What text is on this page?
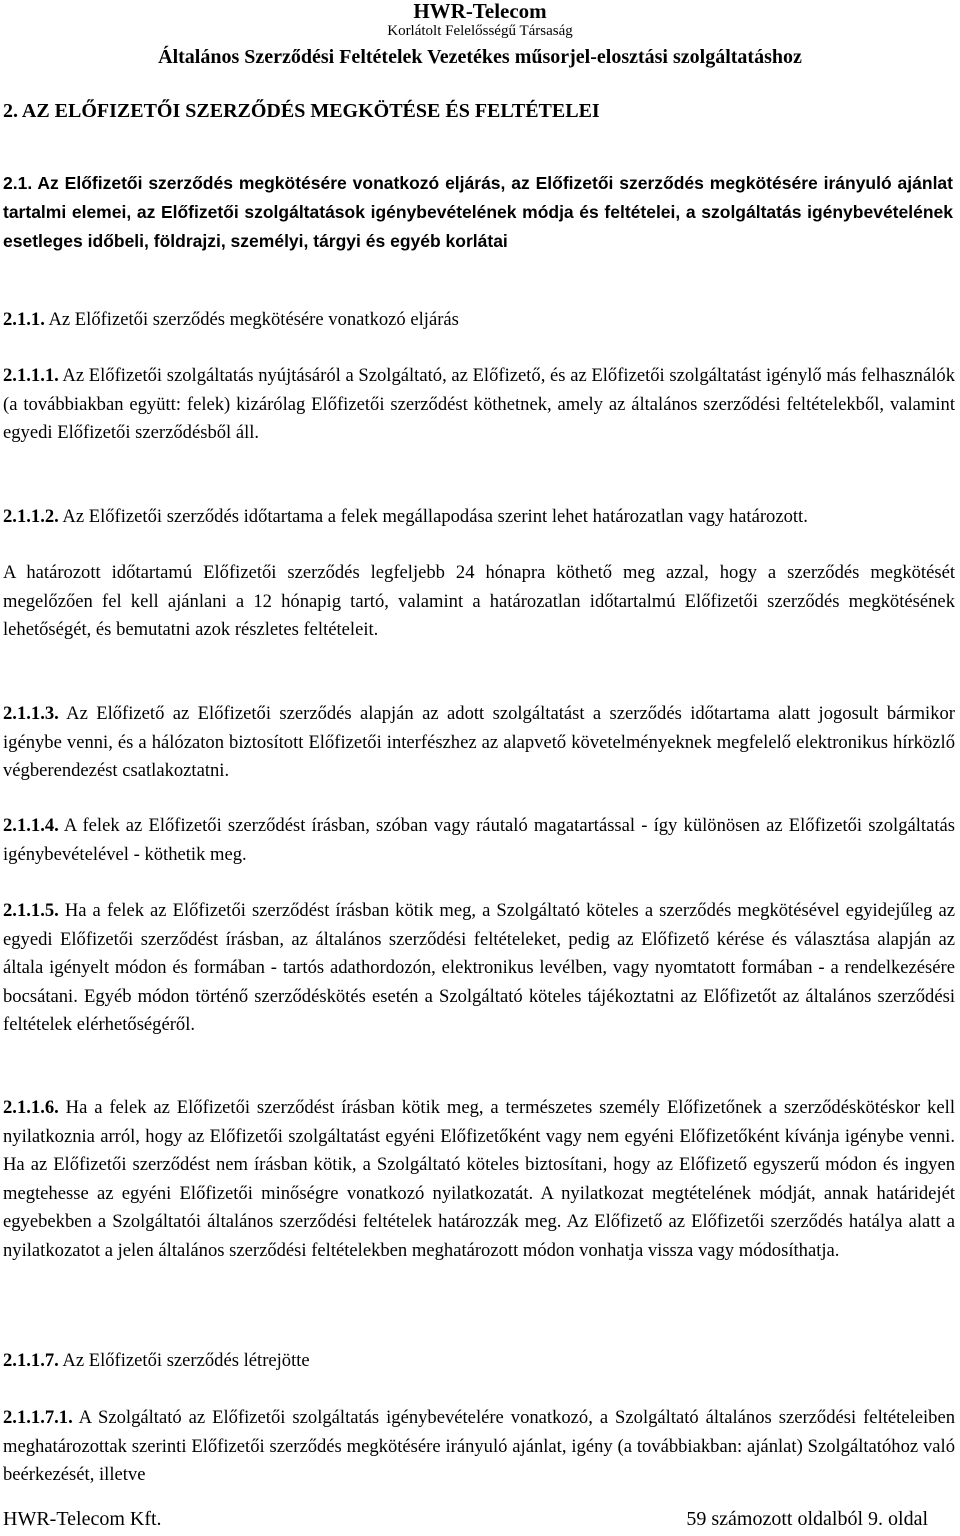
HWR-Telecom
Korlátolt Felelősségű Társaság
Általános Szerződési Feltételek Vezetékes műsorjel-elosztási szolgáltatáshoz
2. AZ ELŐFIZETŐI SZERZŐDÉS MEGKÖTÉSE ÉS FELTÉTELEI
2.1. Az Előfizetői szerződés megkötésére vonatkozó eljárás, az Előfizetői szerződés megkötésére irányuló ajánlat tartalmi elemei, az Előfizetői szolgáltatások igénybevételének módja és feltételei, a szolgáltatás igénybevételének esetleges időbeli, földrajzi, személyi, tárgyi és egyéb korlátai
2.1.1. Az Előfizetői szerződés megkötésére vonatkozó eljárás
2.1.1.1. Az Előfizetői szolgáltatás nyújtásáról a Szolgáltató, az Előfizető, és az Előfizetői szolgáltatást igénylő más felhasználók (a továbbiakban együtt: felek) kizárólag Előfizetői szerződést köthetnek, amely az általános szerződési feltételekből, valamint egyedi Előfizetői szerződésből áll.
2.1.1.2. Az Előfizetői szerződés időtartama a felek megállapodása szerint lehet határozatlan vagy határozott.
A határozott időtartamú Előfizetői szerződés legfeljebb 24 hónapra köthető meg azzal, hogy a szerződés megkötését megelőzően fel kell ajánlani a 12 hónapig tartó, valamint a határozatlan időtartalmú Előfizetői szerződés megkötésének lehetőségét, és bemutatni azok részletes feltételeit.
2.1.1.3. Az Előfizető az Előfizetői szerződés alapján az adott szolgáltatást a szerződés időtartama alatt jogosult bármikor igénybe venni, és a hálózaton biztosított Előfizetői interfészhez az alapvető követelményeknek megfelelő elektronikus hírközlő végberendezést csatlakoztatni.
2.1.1.4. A felek az Előfizetői szerződést írásban, szóban vagy ráutaló magatartással - így különösen az Előfizetői szolgáltatás igénybevételével - köthetik meg.
2.1.1.5. Ha a felek az Előfizetői szerződést írásban kötik meg, a Szolgáltató köteles a szerződés megkötésével egyidejűleg az egyedi Előfizetői szerződést írásban, az általános szerződési feltételeket, pedig az Előfizető kérése és választása alapján az általa igényelt módon és formában - tartós adathordozón, elektronikus levélben, vagy nyomtatott formában - a rendelkezésére bocsátani. Egyéb módon történő szerződéskötés esetén a Szolgáltató köteles tájékoztatni az Előfizetőt az általános szerződési feltételek elérhetőségéről.
2.1.1.6. Ha a felek az Előfizetői szerződést írásban kötik meg, a természetes személy Előfizetőnek a szerződéskötéskor kell nyilatkoznia arról, hogy az Előfizetői szolgáltatást egyéni Előfizetőként vagy nem egyéni Előfizetőként kívánja igénybe venni. Ha az Előfizetői szerződést nem írásban kötik, a Szolgáltató köteles biztosítani, hogy az Előfizető egyszerű módon és ingyen megtehesse az egyéni Előfizetői minőségre vonatkozó nyilatkozatát. A nyilatkozat megtételének módját, annak határidejét egyebekben a Szolgáltatói általános szerződési feltételek határozzák meg. Az Előfizető az Előfizetői szerződés hatálya alatt a nyilatkozatot a jelen általános szerződési feltételekben meghatározott módon vonhatja vissza vagy módosíthatja.
2.1.1.7. Az Előfizetői szerződés létrejötte
2.1.1.7.1. A Szolgáltató az Előfizetői szolgáltatás igénybevételére vonatkozó, a Szolgáltató általános szerződési feltételeiben meghatározottak szerinti Előfizetői szerződés megkötésére irányuló ajánlat, igény (a továbbiakban: ajánlat) Szolgáltatóhoz való beérkezését, illetve
HWR-Telecom Kft.	59 számozott oldalból 9. oldal
